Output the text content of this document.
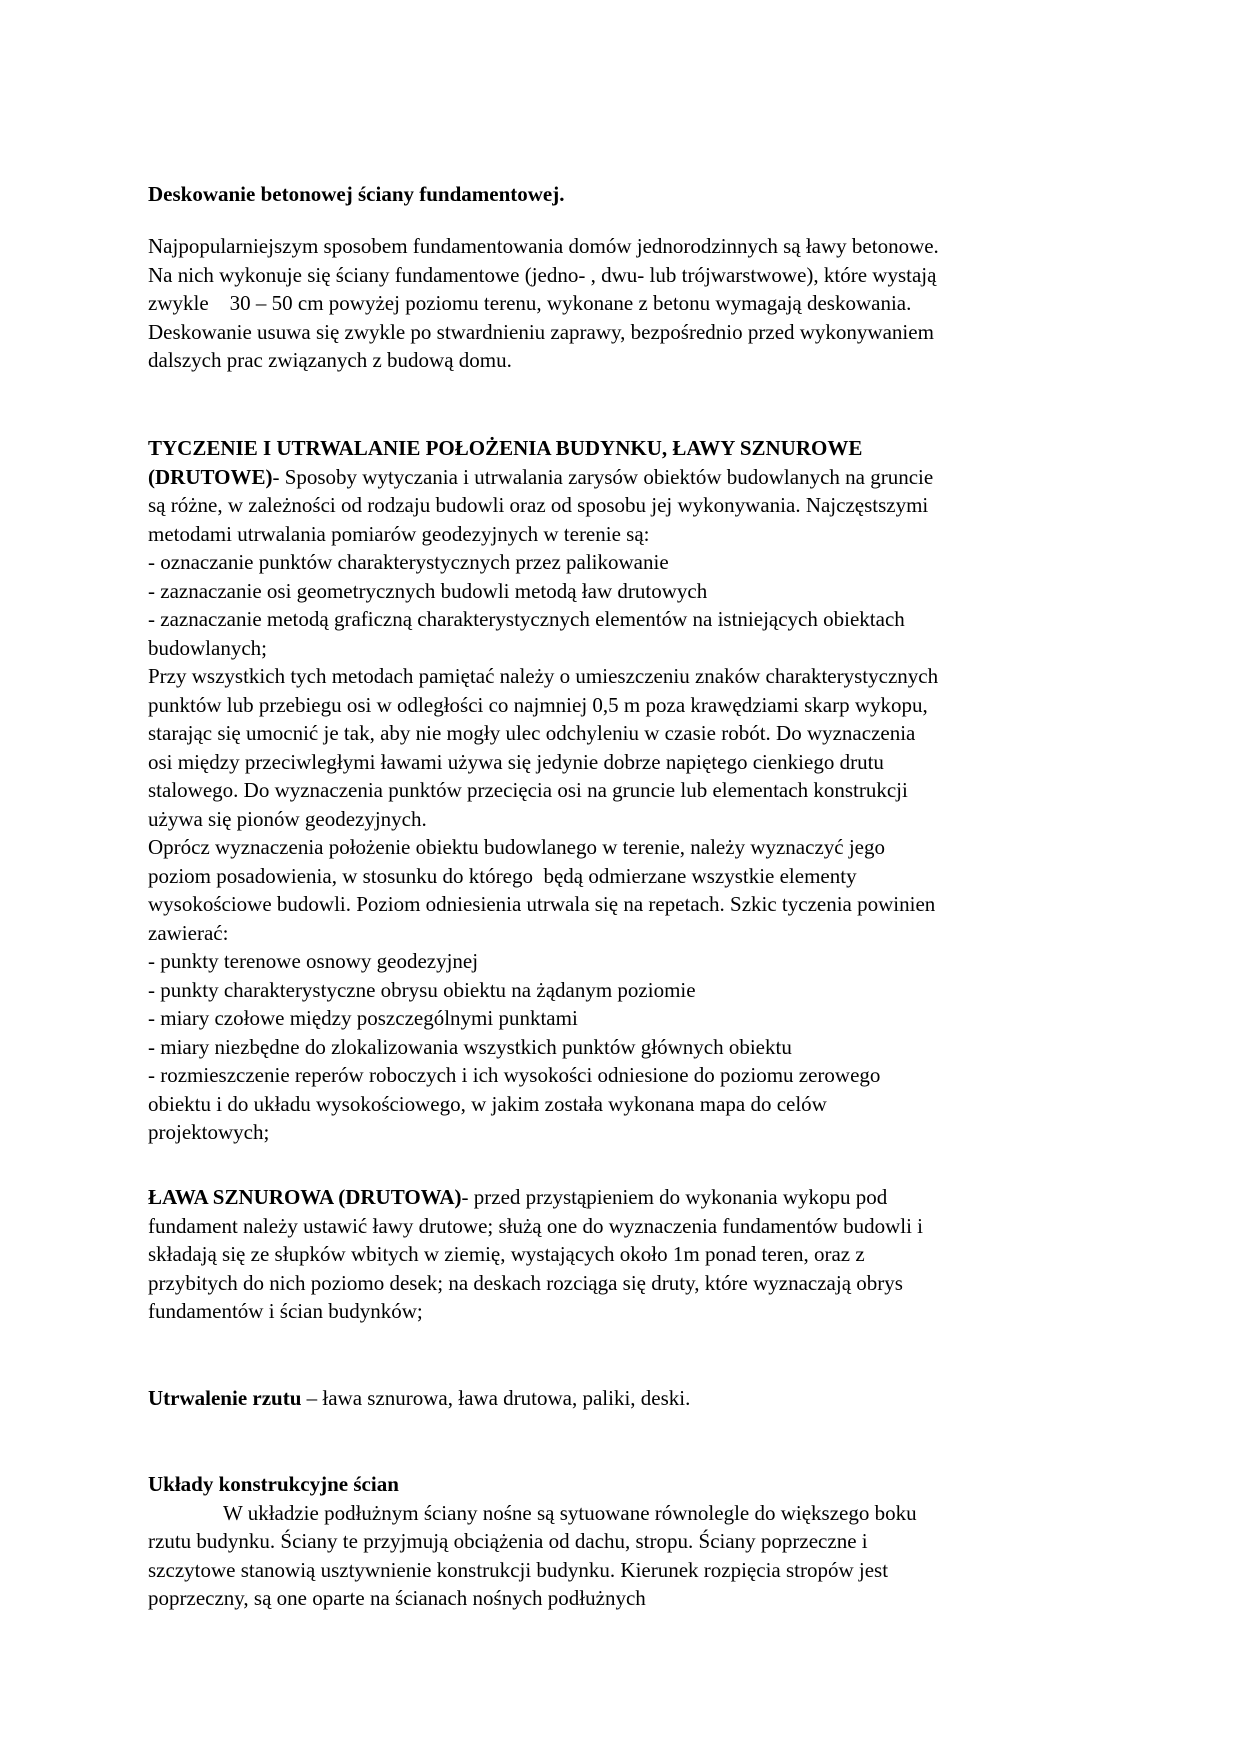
Deskowanie betonowej ściany fundamentowej.
Najpopularniejszym sposobem fundamentowania domów jednorodzinnych są ławy betonowe.
Na nich wykonuje się ściany fundamentowe (jedno- , dwu- lub trójwarstwowe), które wystają
zwykle    30 – 50 cm powyżej poziomu terenu, wykonane z betonu wymagają deskowania.
Deskowanie usuwa się zwykle po stwardnieniu zaprawy, bezpośrednio przed wykonywaniem
dalszych prac związanych z budową domu.
TYCZENIE I UTRWALANIE POŁOŻENIA BUDYNKU, ŁAWY SZNUROWE
(DRUTOWE)- Sposoby wytyczania i utrwalania zarysów obiektów budowlanych na gruncie
są różne, w zależności od rodzaju budowli oraz od sposobu jej wykonywania. Najczęstszymi
metodami utrwalania pomiarów geodezyjnych w terenie są:
- oznaczanie punktów charakterystycznych przez palikowanie
- zaznaczanie osi geometrycznych budowli metodą ław drutowych
- zaznaczanie metodą graficzną charakterystycznych elementów na istniejących obiektach
budowlanych;
Przy wszystkich tych metodach pamiętać należy o umieszczeniu znaków charakterystycznych
punktów lub przebiegu osi w odległości co najmniej 0,5 m poza krawędziami skarp wykopu,
starając się umocnić je tak, aby nie mogły ulec odchyleniu w czasie robót. Do wyznaczenia
osi między przeciwległymi ławami używa się jedynie dobrze napiętego cienkiego drutu
stalowego. Do wyznaczenia punktów przecięcia osi na gruncie lub elementach konstrukcji
używa się pionów geodezyjnych.
Oprócz wyznaczenia położenie obiektu budowlanego w terenie, należy wyznaczyć jego
poziom posadowienia, w stosunku do którego  będą odmierzane wszystkie elementy
wysokościowe budowli. Poziom odniesienia utrwala się na repetach. Szkic tyczenia powinien
zawierać:
- punkty terenowe osnowy geodezyjnej
- punkty charakterystyczne obrysu obiektu na żądanym poziomie
- miary czołowe między poszczególnymi punktami
- miary niezbędne do zlokalizowania wszystkich punktów głównych obiektu
- rozmieszczenie reperów roboczych i ich wysokości odniesione do poziomu zerowego
obiektu i do układu wysokościowego, w jakim została wykonana mapa do celów
projektowych;
ŁAWA SZNUROWA (DRUTOWA)- przed przystąpieniem do wykonania wykopu pod
fundament należy ustawić ławy drutowe; służą one do wyznaczenia fundamentów budowli i
składają się ze słupków wbitych w ziemię, wystających około 1m ponad teren, oraz z
przybitych do nich poziomo desek; na deskach rozciąga się druty, które wyznaczają obrys
fundamentów i ścian budynków;
Utrwalenie rzutu – ława sznurowa, ława drutowa, paliki, deski.
Układy konstrukcyjne ścian
W układzie podłużnym ściany nośne są sytuowane równolegle do większego boku
rzutu budynku. Ściany te przyjmują obciążenia od dachu, stropu. Ściany poprzeczne i
szczytowe stanowią usztywnienie konstrukcji budynku. Kierunek rozpięcia stropów jest
poprzeczny, są one oparte na ścianach nośnych podłużnych
